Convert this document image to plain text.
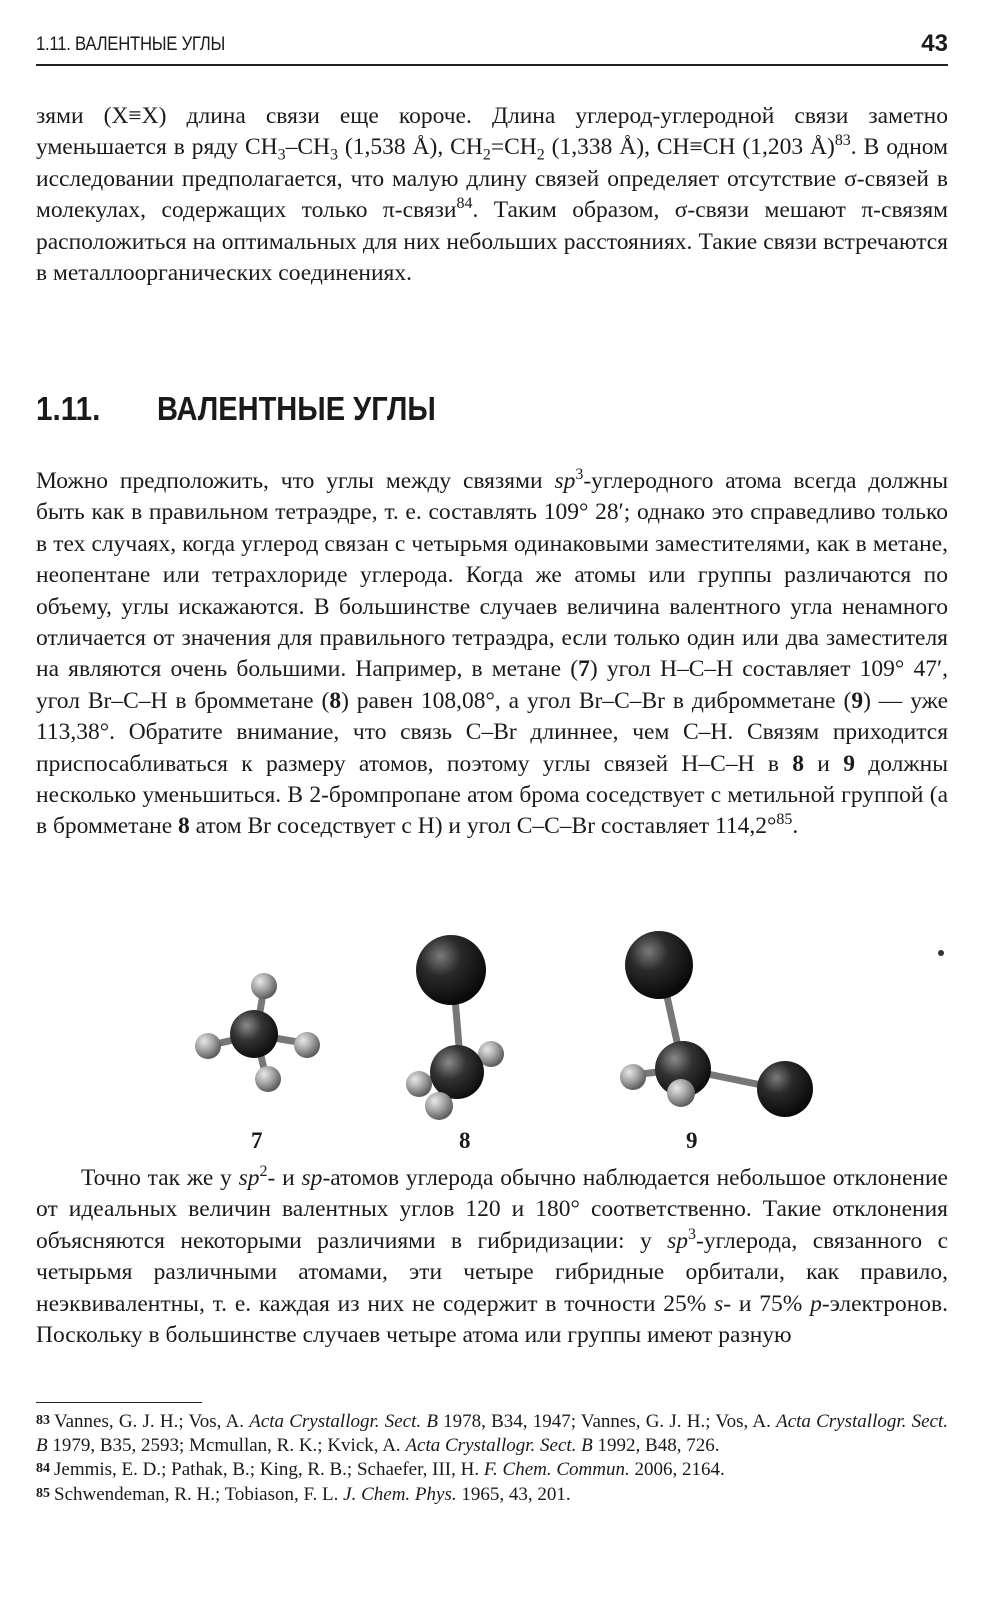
1.11. ВАЛЕНТНЫЕ УГЛЫ	43

зями (X≡X) длина связи еще короче. Длина углерод-углеродной связи заметно уменьшается в ряду $CH_3-CH_3$ (1,538 Å), $CH_2=CH_2$ (1,338 Å), CH≡CH (1,203 Å)$^{83}$. В одном исследовании предполагается, что малую длину связей определяет отсутствие σ-связей в молекулах, содержащих только π-связи$^{84}$. Таким образом, σ-связи мешают π-связям расположиться на оптимальных для них небольших расстояниях. Такие связи встречаются в металлоорганических соединениях.

1.11. ВАЛЕНТНЫЕ УГЛЫ

Можно предположить, что углы между связями $sp^3$-углеродного атома всегда должны быть как в правильном тетраэдре, т. е. составлять 109° 28′; однако это справедливо только в тех случаях, когда углерод связан с четырьмя одинаковыми заместителями, как в метане, неопентане или тетрахлориде углерода. Когда же атомы или группы различаются по объему, углы искажаются. В большинстве случаев величина валентного угла ненамного отличается от значения для правильного тетраэдра, если только один или два заместителя на являются очень большими. Например, в метане (7) угол H–C–H составляет 109° 47′, угол Br–C–H в бромметане (8) равен 108,08°, а угол Br–C–Br в дибромметане (9) — уже 113,38°. Обратите внимание, что связь C–Br длиннее, чем C–H. Связям приходится приспосабливаться к размеру атомов, поэтому углы связей H–C–H в 8 и 9 должны несколько уменьшиться. В 2-бромпропане атом брома соседствует с метильной группой (а в бромметане 8 атом Br соседствует с H) и угол C–C–Br составляет 114,2°$^{85}$.

7	8	9

Точно так же у $sp^2-$ и sp-атомов углерода обычно наблюдается небольшое отклонение от идеальных величин валентных углов 120 и 180° соответственно. Такие отклонения объясняются некоторыми различиями в гибридизации: у $sp^3$-углерода, связанного с четырьмя различными атомами, эти четыре гибридные орбитали, как правило, неэквивалентны, т. е. каждая из них не содержит в точности 25% s- и 75% p-электронов. Поскольку в большинстве случаев четыре атома или группы имеют разную

83 Vannes, G. J. H.; Vos, A. Acta Crystallogr. Sect. B 1978, B34, 1947; Vannes, G. J. H.; Vos, A. Acta Crystallogr. Sect. B 1979, B35, 2593; Mcmullan, R. K.; Kvick, A. Acta Crystallogr. Sect. B 1992, B48, 726.

84 Jemmis, E. D.; Pathak, B.; King, R. B.; Schaefer, III, H. F. Chem. Commun. 2006, 2164.

85 Schwendeman, R. H.; Tobiason, F. L. J. Chem. Phys. 1965, 43, 201.
